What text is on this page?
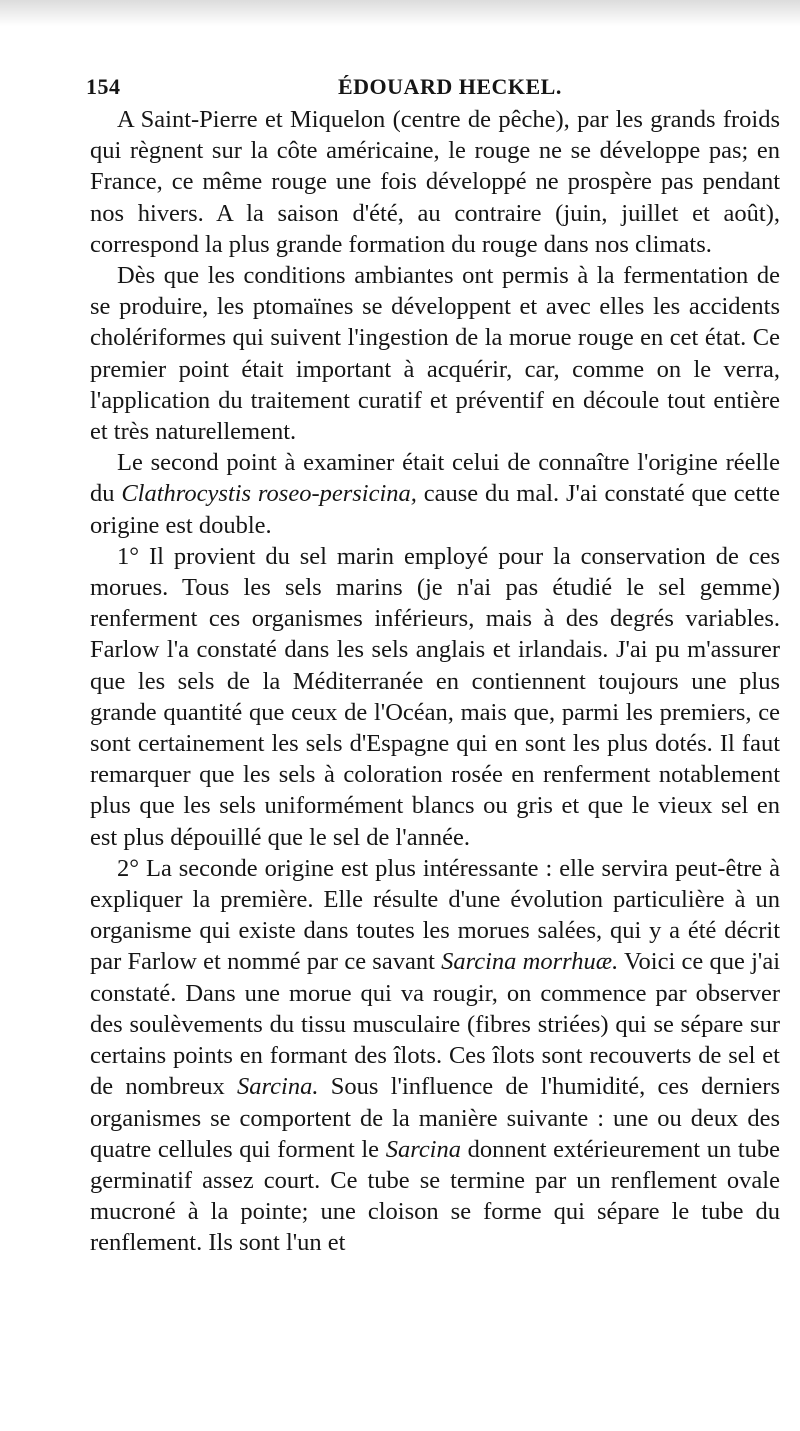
154	ÉDOUARD HECKEL.

A Saint-Pierre et Miquelon (centre de pêche), par les grands froids qui règnent sur la côte américaine, le rouge ne se développe pas; en France, ce même rouge une fois développé ne prospère pas pendant nos hivers. A la saison d'été, au contraire (juin, juillet et août), correspond la plus grande formation du rouge dans nos climats.

Dès que les conditions ambiantes ont permis à la fermentation de se produire, les ptomaïnes se développent et avec elles les accidents cholériformes qui suivent l'ingestion de la morue rouge en cet état. Ce premier point était important à acquérir, car, comme on le verra, l'application du traitement curatif et préventif en découle tout entière et très naturellement.

Le second point à examiner était celui de connaître l'origine réelle du Clathrocystis roseo-persicina, cause du mal. J'ai constaté que cette origine est double.

1° Il provient du sel marin employé pour la conservation de ces morues. Tous les sels marins (je n'ai pas étudié le sel gemme) renferment ces organismes inférieurs, mais à des degrés variables. Farlow l'a constaté dans les sels anglais et irlandais. J'ai pu m'assurer que les sels de la Méditerranée en contiennent toujours une plus grande quantité que ceux de l'Océan, mais que, parmi les premiers, ce sont certainement les sels d'Espagne qui en sont les plus dotés. Il faut remarquer que les sels à coloration rosée en renferment notablement plus que les sels uniformément blancs ou gris et que le vieux sel en est plus dépouillé que le sel de l'année.

2° La seconde origine est plus intéressante : elle servira peut-être à expliquer la première. Elle résulte d'une évolution particulière à un organisme qui existe dans toutes les morues salées, qui y a été décrit par Farlow et nommé par ce savant Sarcina morrhuæ. Voici ce que j'ai constaté. Dans une morue qui va rougir, on commence par observer des soulèvements du tissu musculaire (fibres striées) qui se sépare sur certains points en formant des îlots. Ces îlots sont recouverts de sel et de nombreux Sarcina. Sous l'influence de l'humidité, ces derniers organismes se comportent de la manière suivante : une ou deux des quatre cellules qui forment le Sarcina donnent extérieurement un tube germinatif assez court. Ce tube se termine par un renflement ovale mucroné à la pointe; une cloison se forme qui sépare le tube du renflement. Ils sont l'un et
